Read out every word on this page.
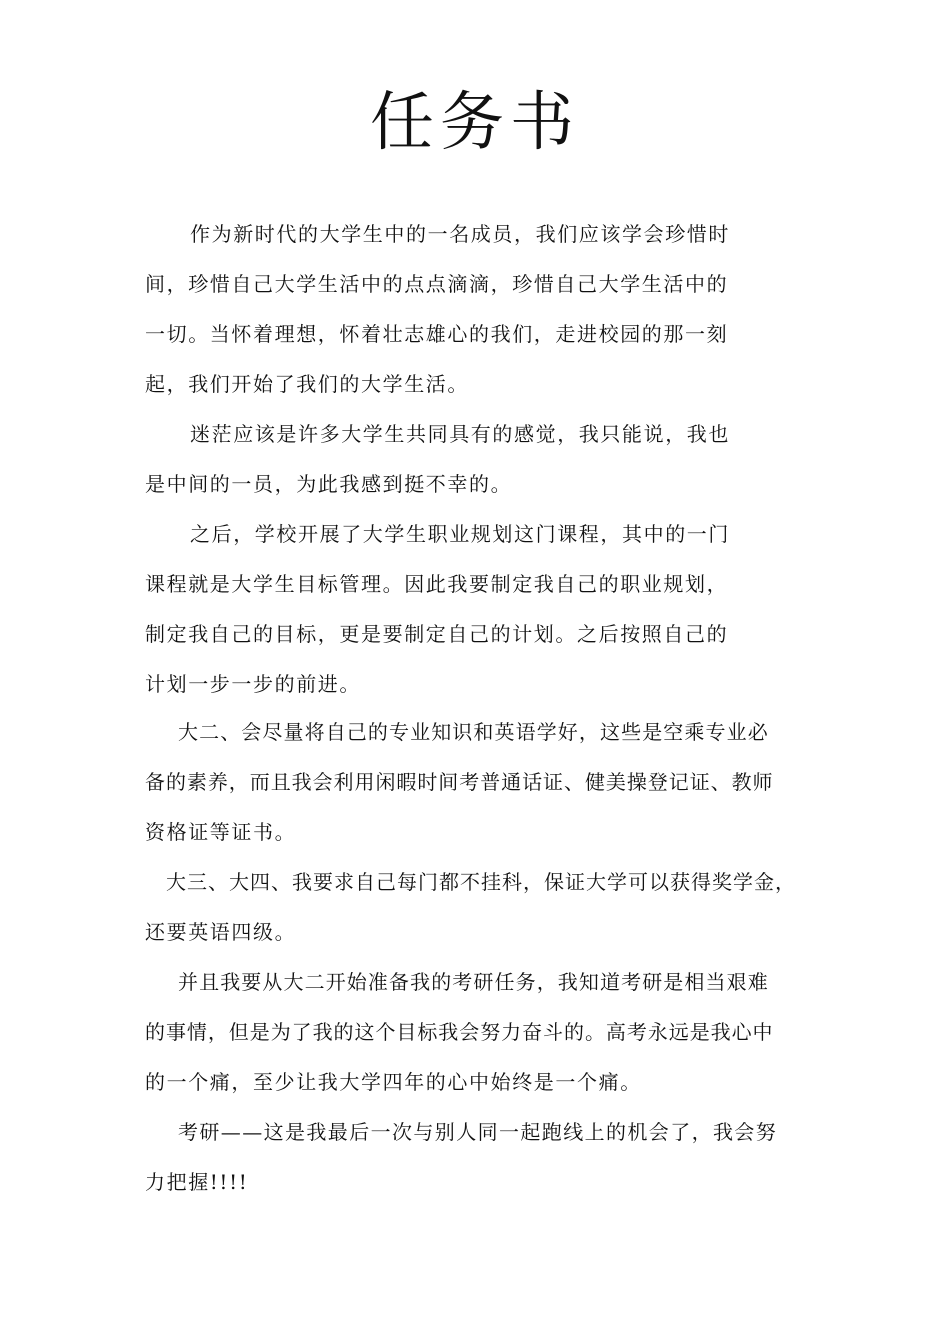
任务书
作为新时代的大学生中的一名成员，我们应该学会珍惜时
间，珍惜自己大学生活中的点点滴滴，珍惜自己大学生活中的
一切。当怀着理想，怀着壮志雄心的我们，走进校园的那一刻
起，我们开始了我们的大学生活。
迷茫应该是许多大学生共同具有的感觉，我只能说，我也
是中间的一员，为此我感到挺不幸的。
之后，学校开展了大学生职业规划这门课程，其中的一门
课程就是大学生目标管理。因此我要制定我自己的职业规划，
制定我自己的目标，更是要制定自己的计划。之后按照自己的
计划一步一步的前进。
大二、会尽量将自己的专业知识和英语学好，这些是空乘专业必
备的素养，而且我会利用闲暇时间考普通话证、健美操登记证、教师
资格证等证书。
大三、大四、我要求自己每门都不挂科，保证大学可以获得奖学金，
还要英语四级。
并且我要从大二开始准备我的考研任务，我知道考研是相当艰难
的事情，但是为了我的这个目标我会努力奋斗的。高考永远是我心中
的一个痛，至少让我大学四年的心中始终是一个痛。
考研——这是我最后一次与别人同一起跑线上的机会了，我会努
力把握!!!!
